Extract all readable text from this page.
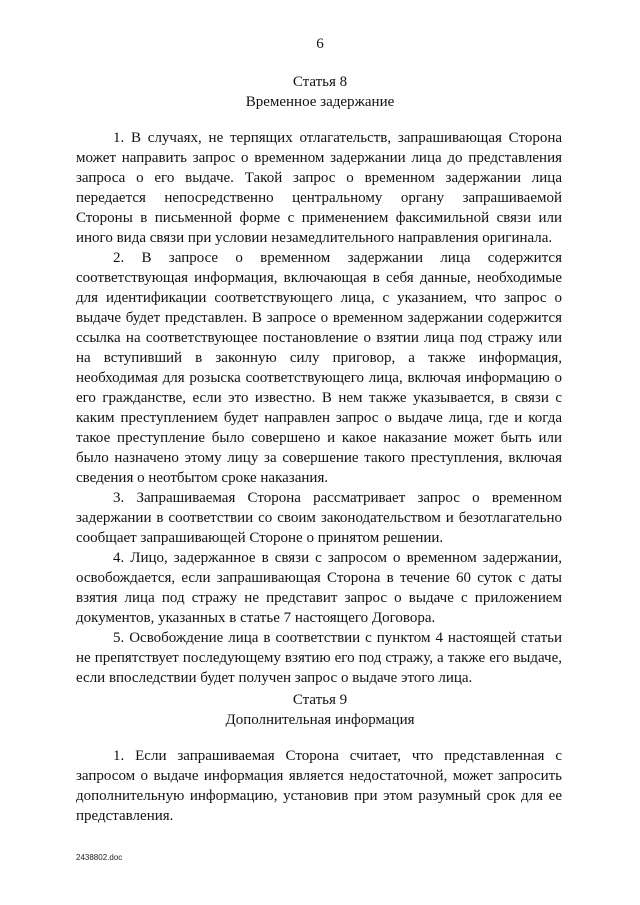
6
Статья 8
Временное задержание

1. В случаях, не терпящих отлагательств, запрашивающая Сторона может направить запрос о временном задержании лица до представления запроса о его выдаче. Такой запрос о временном задержании лица передается непосредственно центральному органу запрашиваемой Стороны в письменной форме с применением факсимильной связи или иного вида связи при условии незамедлительного направления оригинала.

2. В запросе о временном задержании лица содержится соответствующая информация, включающая в себя данные, необходимые для идентификации соответствующего лица, с указанием, что запрос о выдаче будет представлен. В запросе о временном задержании содержится ссылка на соответствующее постановление о взятии лица под стражу или на вступивший в законную силу приговор, а также информация, необходимая для розыска соответствующего лица, включая информацию о его гражданстве, если это известно. В нем также указывается, в связи с каким преступлением будет направлен запрос о выдаче лица, где и когда такое преступление было совершено и какое наказание может быть или было назначено этому лицу за совершение такого преступления, включая сведения о неотбытом сроке наказания.

3. Запрашиваемая Сторона рассматривает запрос о временном задержании в соответствии со своим законодательством и безотлагательно сообщает запрашивающей Стороне о принятом решении.

4. Лицо, задержанное в связи с запросом о временном задержании, освобождается, если запрашивающая Сторона в течение 60 суток с даты взятия лица под стражу не представит запрос о выдаче с приложением документов, указанных в статье 7 настоящего Договора.

5. Освобождение лица в соответствии с пунктом 4 настоящей статьи не препятствует последующему взятию его под стражу, а также его выдаче, если впоследствии будет получен запрос о выдаче этого лица.

Статья 9
Дополнительная информация

1. Если запрашиваемая Сторона считает, что представленная с запросом о выдаче информация является недостаточной, может запросить дополнительную информацию, установив при этом разумный срок для ее представления.

2438802.doc
